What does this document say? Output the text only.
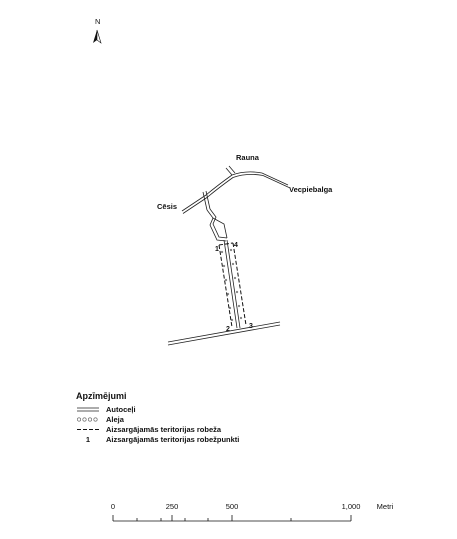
N
Rauna
Vecpiebalga
Cēsis
1
2	3
4
Apzīmējumi
Autoceļi
Aleja
Aizsargājamās teritorijas robeža
1	Aizsargājamās teritorijas robežpunkti
0	250	500	1,000 Metri
